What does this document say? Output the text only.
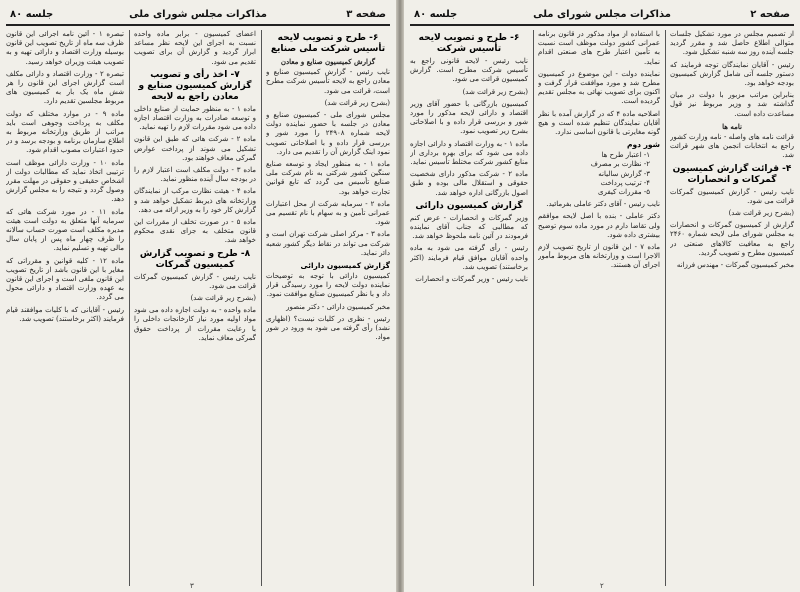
صفحه ۳
مذاکرات مجلس شورای ملی
جلسه ۸۰
۶- طرح و تصویب لایحه تأسیس شرکت ملی صنایع
گزارش کمیسیون صنایع و معادن

نایب رئیس - گزارش کمیسیون صنایع و معادن راجع به لایحه تأسیس شرکت مطرح است، قرائت می شود.

(بشرح زیر قرائت شد)

مجلس شورای ملی - کمیسیون صنایع و معادن در جلسه با حضور نماینده دولت لایحه شماره ۲۴۹۰۸ را مورد شور و بررسی قرار داده و با اصلاحاتی تصویب نمود اینک گزارش آن را تقدیم می دارد.

ماده ۱ - به منظور ایجاد و توسعه صنایع سنگین کشور شرکتی به نام شرکت ملی صنایع تأسیس می گردد که تابع قوانین تجارت خواهد بود.

ماده ۲ - سرمایه شرکت از محل اعتبارات عمرانی تأمین و به سهام با نام تقسیم می شود.

ماده ۳ - مرکز اصلی شرکت تهران است و شرکت می تواند در نقاط دیگر کشور شعبه دائر نماید.

گزارش کمیسیون دارائی

کمیسیون دارائی با توجه به توضیحات نماینده دولت لایحه را مورد رسیدگی قرار داد و با نظر کمیسیون صنایع موافقت نمود.

مخبر کمیسیون دارائی - دکتر منصور

رئیس - نظری در کلیات نیست؟ (اظهاری نشد) رأی گرفته می شود به ورود در شور مواد.

اعضای کمیسیون - برابر ماده واحده نسبت به اجرای این لایحه نظر مساعد ابراز گردید و گزارش آن برای تصویب تقدیم می شود.

۷- اخذ رأی و تصویب گزارش کمیسیون صنایع و معادن راجع به لایحه

ماده ۱ - به منظور حمایت از صنایع داخلی و توسعه صادرات به وزارت اقتصاد اجازه داده می شود مقررات لازم را تهیه نماید.

ماده ۲ - شرکت هائی که طبق این قانون تشکیل می شوند از پرداخت عوارض گمرکی معاف خواهند بود.

ماده ۳ - دولت مکلف است اعتبار لازم را در بودجه سال آینده منظور نماید.

ماده ۴ - هیئت نظارت مرکب از نمایندگان وزارتخانه های ذیربط تشکیل خواهد شد و گزارش کار خود را به وزیر ارائه می دهد.

ماده ۵ - در صورت تخلف از مقررات این قانون متخلف به جزای نقدی محکوم خواهد شد.

۸- طرح و تصویب گزارش کمیسیون گمرکات

نایب رئیس - گزارش کمیسیون گمرکات قرائت می شود.

(بشرح زیر قرائت شد)

ماده واحده - به دولت اجازه داده می شود مواد اولیه مورد نیاز کارخانجات داخلی را با رعایت مقررات از پرداخت حقوق گمرکی معاف نماید.

تبصره ۱ - آئین نامه اجرائی این قانون ظرف سه ماه از تاریخ تصویب این قانون بوسیله وزارت اقتصاد و دارائی تهیه و به تصویب هیئت وزیران خواهد رسید.

تبصره ۲ - وزارت اقتصاد و دارائی مکلف است گزارش اجرای این قانون را هر شش ماه یک بار به کمیسیون های مربوط مجلسین تقدیم دارد.

ماده ۹ - در موارد مختلف که دولت مکلف به پرداخت وجوهی است باید مراتب از طریق وزارتخانه مربوط به اطلاع سازمان برنامه و بودجه برسد و در حدود اعتبارات مصوب اقدام شود.

ماده ۱۰ - وزارت دارائی موظف است ترتیبی اتخاذ نماید که مطالبات دولت از اشخاص حقیقی و حقوقی در مهلت مقرر وصول گردد و نتیجه را به مجلس گزارش دهد.

ماده ۱۱ - در مورد شرکت هائی که سرمایه آنها متعلق به دولت است هیئت مدیره مکلف است صورت حساب سالانه را ظرف چهار ماه پس از پایان سال مالی تهیه و تسلیم نماید.

ماده ۱۲ - کلیه قوانین و مقرراتی که مغایر با این قانون باشد از تاریخ تصویب این قانون ملغی است و اجرای این قانون به عهده وزارت اقتصاد و دارائی محول می گردد.

رئیس - آقایانی که با کلیات موافقند قیام فرمایند (اکثر برخاستند) تصویب شد.

۳
صفحه ۲
مذاکرات مجلس شورای ملی
جلسه ۸۰

از تصمیم مجلس در مورد تشکیل جلسات متوالی اطلاع حاصل شد و مقرر گردید جلسه آینده روز سه شنبه تشکیل شود.

رئیس - آقایان نمایندگان توجه فرمایند که دستور جلسه آتی شامل گزارش کمیسیون بودجه خواهد بود.

بنابراین مراتب مزبور با دولت در میان گذاشته شد و وزیر مربوط نیز قول مساعدت داده است.

نامه ها

قرائت نامه های واصله - نامه وزارت کشور راجع به انتخابات انجمن های شهر قرائت شد.

۴- قرائت گزارش کمیسیون گمرکات و انحصارات

نایب رئیس - گزارش کمیسیون گمرکات قرائت می شود.

(بشرح زیر قرائت شد)

گزارش از کمیسیون گمرکات و انحصارات به مجلس شورای ملی لایحه شماره ۲۴۶۰ راجع به معافیت کالاهای صنعتی در کمیسیون مطرح و تصویب گردید.

مخبر کمیسیون گمرکات - مهندس فرزانه

با استفاده از مواد مذکور در قانون برنامه عمرانی کشور دولت موظف است نسبت به تأمین اعتبار طرح های صنعتی اقدام نماید.

نماینده دولت - این موضوع در کمیسیون مطرح شد و مورد موافقت قرار گرفت و اکنون برای تصویب نهائی به مجلس تقدیم گردیده است.

اصلاحیه ماده ۴ که در گزارش آمده با نظر آقایان نمایندگان تنظیم شده است و هیچ گونه مغایرتی با قانون اساسی ندارد.

شور دوم
۱- اعتبار طرح ها
۲- نظارت بر مصرف
۳- گزارش سالیانه
۴- ترتیب پرداخت
۵- مقررات کیفری

نایب رئیس - آقای دکتر عاملی بفرمائید.

دکتر عاملی - بنده با اصل لایحه موافقم ولی تقاضا دارم در مورد ماده سوم توضیح بیشتری داده شود.

ماده ۷ - این قانون از تاریخ تصویب لازم الاجرا است و وزارتخانه های مربوط مأمور اجرای آن هستند.

۶- طرح و تصویب لایحه تأسیس شرکت

نایب رئیس - لایحه قانونی راجع به تأسیس شرکت مطرح است. گزارش کمیسیون قرائت می شود.

(بشرح زیر قرائت شد)

کمیسیون بازرگانی با حضور آقای وزیر اقتصاد و دارائی لایحه مذکور را مورد شور و بررسی قرار داده و با اصلاحاتی بشرح زیر تصویب نمود.

ماده ۱ - به وزارت اقتصاد و دارائی اجازه داده می شود که برای بهره برداری از منابع کشور شرکت مختلط تأسیس نماید.

ماده ۲ - شرکت مذکور دارای شخصیت حقوقی و استقلال مالی بوده و طبق اصول بازرگانی اداره خواهد شد.

گزارش کمیسیون دارائی

وزیر گمرکات و انحصارات - عرض کنم که مطالبی که جناب آقای نماینده فرمودند در آئین نامه ملحوظ خواهد شد.

رئیس - رأی گرفته می شود به ماده واحده آقایان موافق قیام فرمایند (اکثر برخاستند) تصویب شد.

نایب رئیس - وزیر گمرکات و انحصارات

۲
